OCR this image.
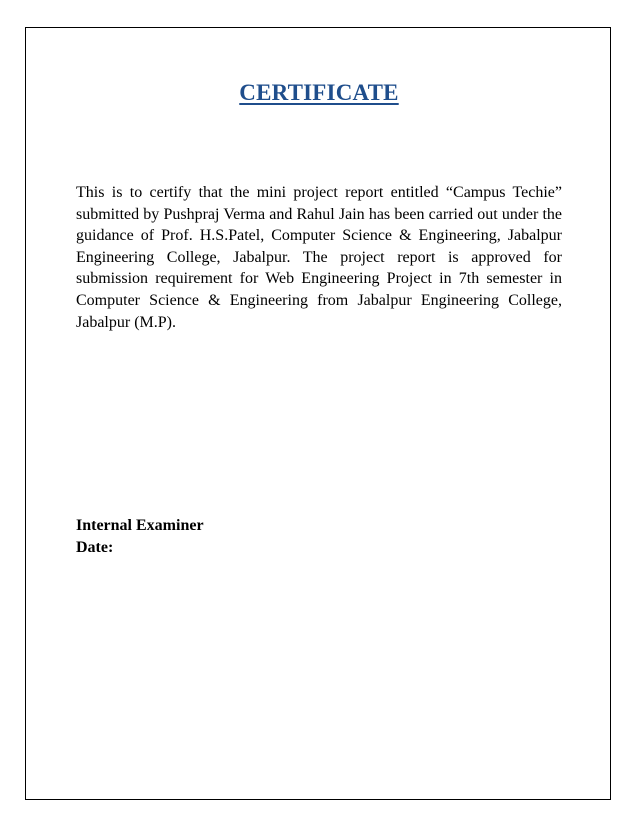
CERTIFICATE

This is to certify that the mini project report entitled “Campus Techie” submitted by Pushpraj Verma and Rahul Jain has been carried out under the guidance of Prof. H.S.Patel, Computer Science & Engineering, Jabalpur Engineering College, Jabalpur. The project report is approved for submission requirement for Web Engineering Project in 7th semester in Computer Science & Engineering from Jabalpur Engineering College, Jabalpur (M.P).

Internal Examiner
Date:
